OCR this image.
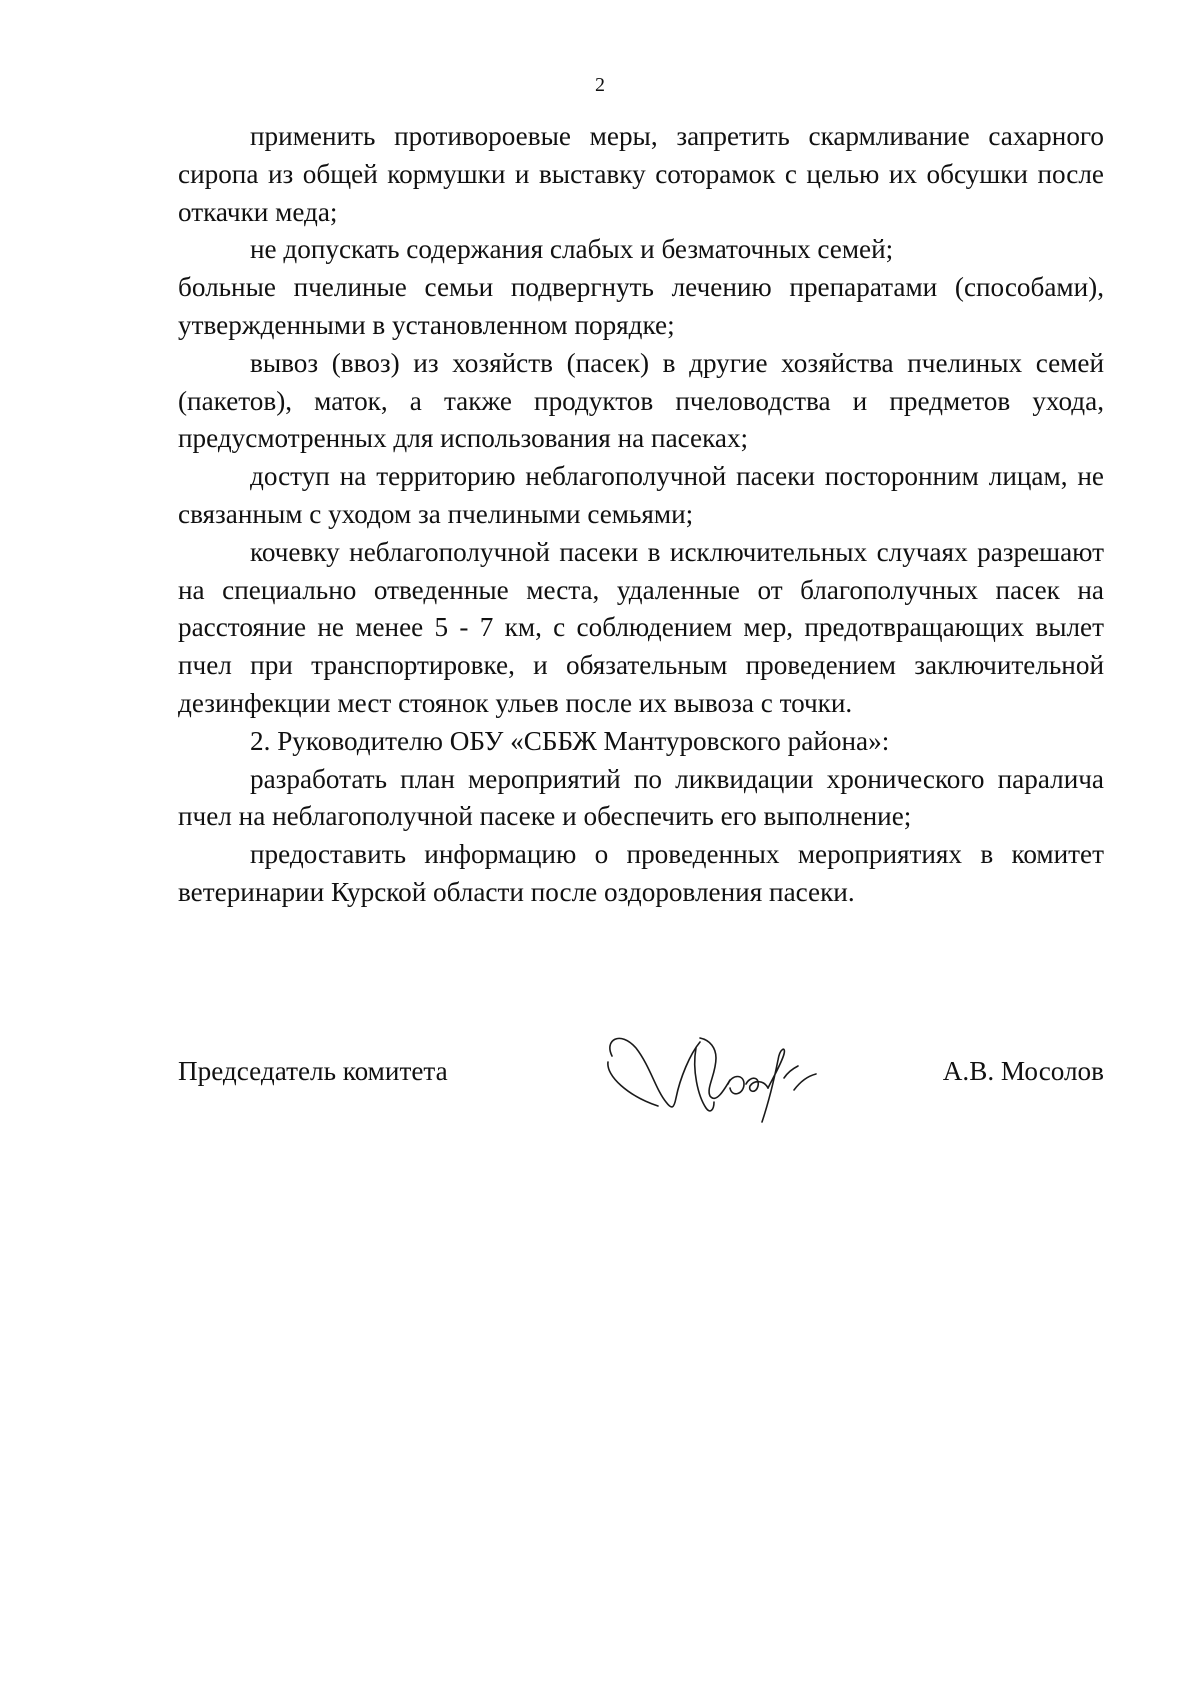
2

применить противороевые меры, запретить скармливание сахарного сиропа из общей кормушки и выставку соторамок с целью их обсушки после откачки меда;

не допускать содержания слабых и безматочных семей;

больные пчелиные семьи подвергнуть лечению препаратами (способами), утвержденными в установленном порядке;

вывоз (ввоз) из хозяйств (пасек) в другие хозяйства пчелиных семей (пакетов), маток, а также продуктов пчеловодства и предметов ухода, предусмотренных для использования на пасеках;

доступ на территорию неблагополучной пасеки посторонним лицам, не связанным с уходом за пчелиными семьями;

кочевку неблагополучной пасеки в исключительных случаях разрешают на специально отведенные места, удаленные от благополучных пасек на расстояние не менее 5 - 7 км, с соблюдением мер, предотвращающих вылет пчел при транспортировке, и обязательным проведением заключительной дезинфекции мест стоянок ульев после их вывоза с точки.

2. Руководителю ОБУ «СББЖ Мантуровского района»:

разработать план мероприятий по ликвидации хронического паралича пчел на неблагополучной пасеке и обеспечить его выполнение;

предоставить информацию о проведенных мероприятиях в комитет ветеринарии Курской области после оздоровления пасеки.

Председатель комитета	А.В. Мосолов
